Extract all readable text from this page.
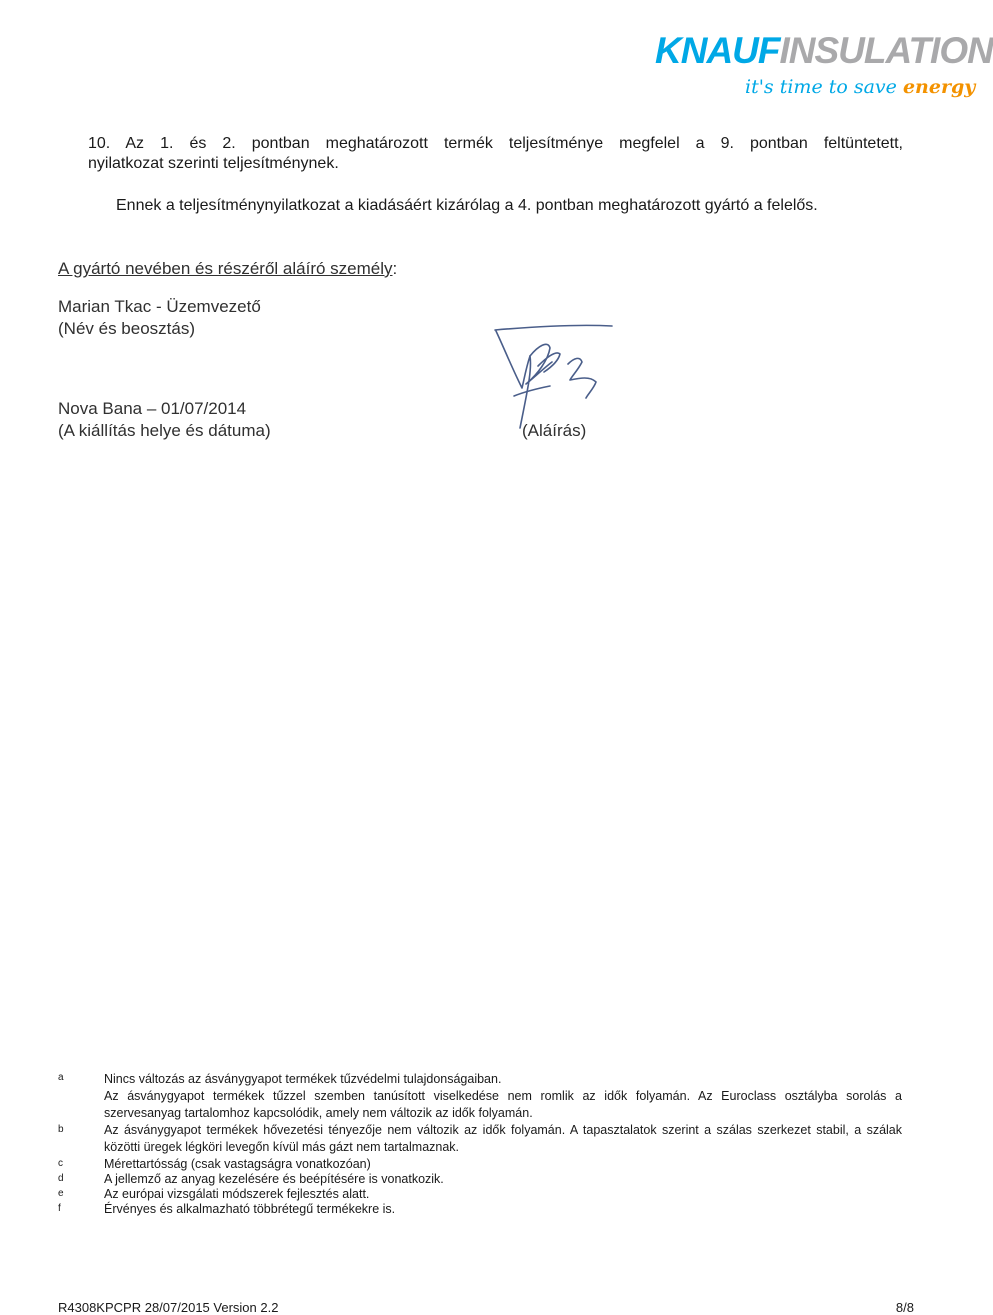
KNAUFINSULATION
it's time to save energy
10. Az 1. és 2. pontban meghatározott termék teljesítménye megfelel a 9. pontban feltüntetett,
nyilatkozat szerinti teljesítménynek.
Ennek a teljesítménynyilatkozat a kiadásáért kizárólag a 4. pontban meghatározott gyártó a felelős.
A gyártó nevében és részéről aláíró személy:
Marian Tkac - Üzemvezető
(Név és beosztás)
Nova Bana – 01/07/2014
(A kiállítás helye és dátuma)	(Aláírás)
a	Nincs változás az ásványgyapot termékek tűzvédelmi tulajdonságaiban.
Az ásványgyapot termékek tűzzel szemben tanúsított viselkedése nem romlik az idők folyamán. Az Euroclass osztályba sorolás a
szervesanyag tartalomhoz kapcsolódik, amely nem változik az idők folyamán.
b	Az ásványgyapot termékek hővezetési tényezője nem változik az idők folyamán. A tapasztalatok szerint a szálas szerkezet stabil, a szálak
közötti üregek légköri levegőn kívül más gázt nem tartalmaznak.
c	Mérettartósság (csak vastagságra vonatkozóan)
d	A jellemző az anyag kezelésére és beépítésére is vonatkozik.
e	Az európai vizsgálati módszerek fejlesztés alatt.
f	Érvényes és alkalmazható többrétegű termékekre is.
R4308KPCPR 28/07/2015 Version 2.2	8/8
